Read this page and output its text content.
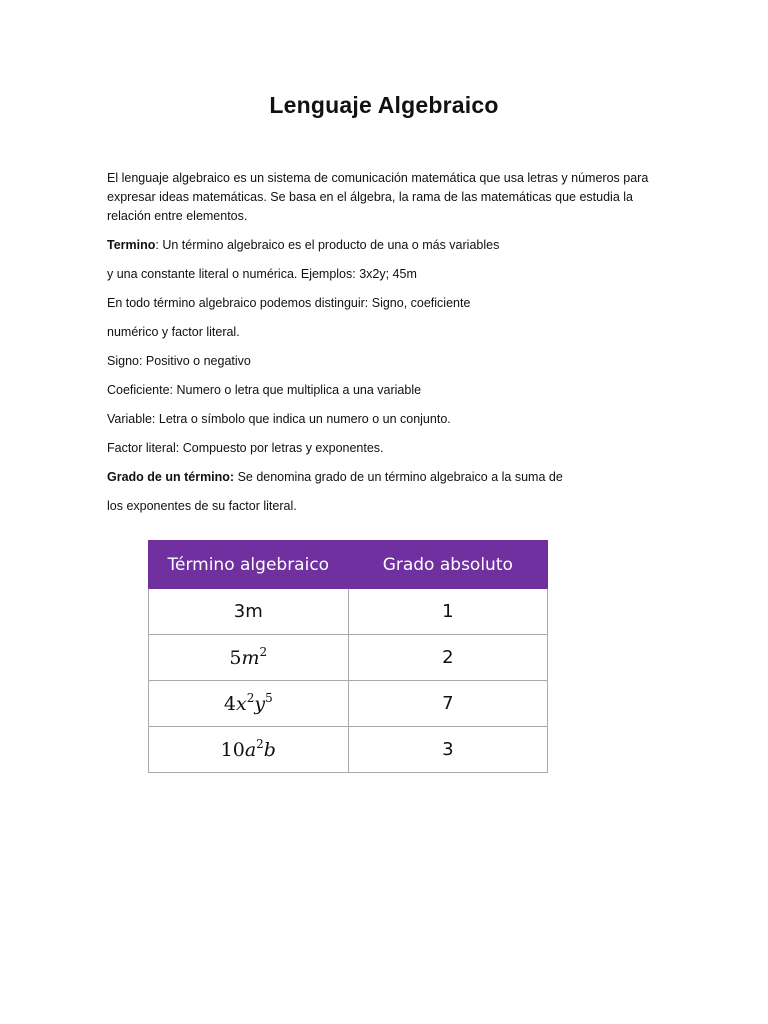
Lenguaje Algebraico

El lenguaje algebraico es un sistema de comunicación matemática que usa letras y números para expresar ideas matemáticas. Se basa en el álgebra, la rama de las matemáticas que estudia la relación entre elementos.

Termino: Un término algebraico es el producto de una o más variables

y una constante literal o numérica. Ejemplos: 3x2y; 45m

En todo término algebraico podemos distinguir: Signo, coeficiente

numérico y factor literal.

Signo: Positivo o negativo

Coeficiente: Numero o letra que multiplica a una variable

Variable: Letra o símbolo que indica un numero o un conjunto.

Factor literal: Compuesto por letras y exponentes.

Grado de un término: Se denomina grado de un término algebraico a la suma de

los exponentes de su factor literal.

Término algebraico	Grado absoluto
3m	1
$5m^2$	2
$4x^2y^5$	7
$10a^2b$	3
